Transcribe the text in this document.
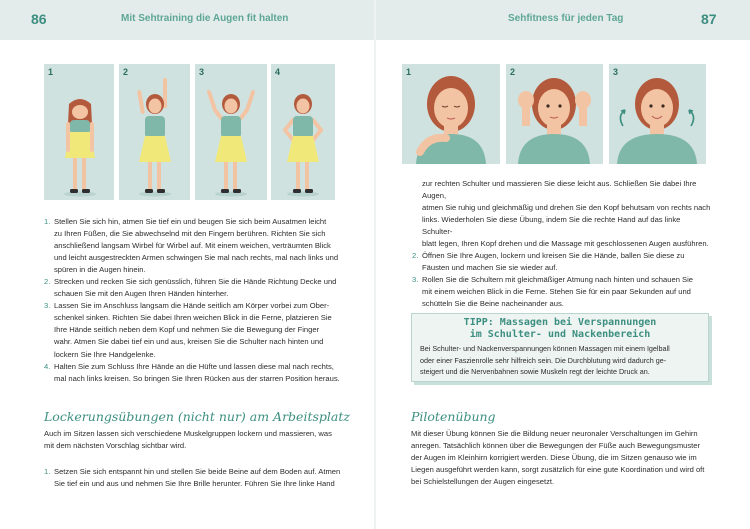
86	Mit Sehtraining die Augen fit halten	Sehfitness für jeden Tag	87
1	2	3	4	1	2	3
1. Stellen Sie sich hin, atmen Sie tief ein und beugen Sie sich beim Ausatmen leicht
zu Ihren Füßen, die Sie abwechselnd mit den Fingern berühren. Richten Sie sich
anschließend langsam Wirbel für Wirbel auf. Mit einem weichen, verträumten Blick
und leicht ausgestreckten Armen schwingen Sie mal nach rechts, mal nach links und
spüren in die Augen hinein.
2. Strecken und recken Sie sich genüsslich, führen Sie die Hände Richtung Decke und
schauen Sie mit den Augen Ihren Händen hinterher.
3. Lassen Sie im Anschluss langsam die Hände seitlich am Körper vorbei zum Ober-
schenkel sinken. Richten Sie dabei Ihren weichen Blick in die Ferne, platzieren Sie
Ihre Hände seitlich neben dem Kopf und nehmen Sie die Bewegung der Finger
wahr. Atmen Sie dabei tief ein und aus, kreisen Sie die Schulter nach hinten und
lockern Sie Ihre Handgelenke.
4. Halten Sie zum Schluss Ihre Hände an die Hüfte und lassen diese mal nach rechts,
mal nach links kreisen. So bringen Sie Ihren Rücken aus der starren Position heraus.
Lockerungsübungen (nicht nur) am Arbeitsplatz
Auch im Sitzen lassen sich verschiedene Muskelgruppen lockern und massieren, was
mit dem nächsten Vorschlag sichtbar wird.
1. Setzen Sie sich entspannt hin und stellen Sie beide Beine auf dem Boden auf. Atmen
Sie tief ein und aus und nehmen Sie Ihre Brille herunter. Führen Sie Ihre linke Hand
zur rechten Schulter und massieren Sie diese leicht aus. Schließen Sie dabei Ihre Augen,
atmen Sie ruhig und gleichmäßig und drehen Sie den Kopf behutsam von rechts nach
links. Wiederholen Sie diese Übung, indem Sie die rechte Hand auf das linke Schulter-
blatt legen, Ihren Kopf drehen und die Massage mit geschlossenen Augen ausführen.
2. Öffnen Sie Ihre Augen, lockern und kreisen Sie die Hände, ballen Sie diese zu
Fäusten und machen Sie sie wieder auf.
3. Rollen Sie die Schultern mit gleichmäßiger Atmung nach hinten und schauen Sie
mit einem weichen Blick in die Ferne. Stehen Sie für ein paar Sekunden auf und
schütteln Sie die Beine nacheinander aus.
TIPP: Massagen bei Verspannungen
im Schulter- und Nackenbereich
Bei Schulter- und Nackenverspannungen können Massagen mit einem Igelball
oder einer Faszienrolle sehr hilfreich sein. Die Durchblutung wird dadurch ge-
steigert und die Nervenbahnen sowie Muskeln regt der leichte Druck an.
Pilotenübung
Mit dieser Übung können Sie die Bildung neuer neuronaler Verschaltungen im Gehirn
anregen. Tatsächlich können über die Bewegungen der Füße auch Bewegungsmuster
der Augen im Kleinhirn korrigiert werden. Diese Übung, die im Sitzen genauso wie im
Liegen ausgeführt werden kann, sorgt zusätzlich für eine gute Koordination und wird oft
bei Schielstellungen der Augen eingesetzt.
